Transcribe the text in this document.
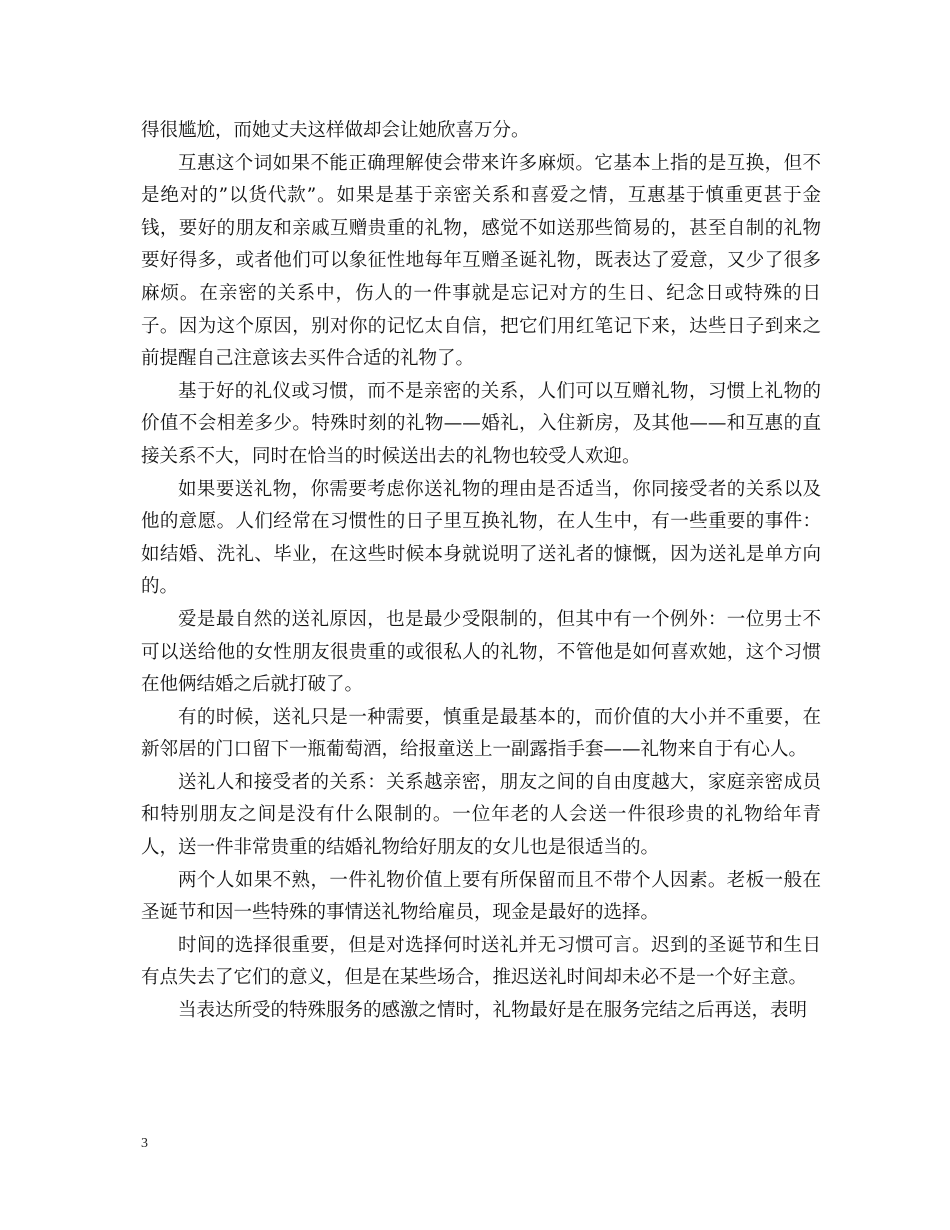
得很尴尬，而她丈夫这样做却会让她欣喜万分。

互惠这个词如果不能正确理解使会带来许多麻烦。它基本上指的是互换，但不是绝对的”以货代款”。如果是基于亲密关系和喜爱之情，互惠基于慎重更甚于金钱，要好的朋友和亲戚互赠贵重的礼物，感觉不如送那些简易的，甚至自制的礼物要好得多，或者他们可以象征性地每年互赠圣诞礼物，既表达了爱意，又少了很多麻烦。在亲密的关系中，伤人的一件事就是忘记对方的生日、纪念日或特殊的日子。因为这个原因，别对你的记忆太自信，把它们用红笔记下来，达些日子到来之前提醒自己注意该去买件合适的礼物了。

基于好的礼仪或习惯，而不是亲密的关系，人们可以互赠礼物，习惯上礼物的价值不会相差多少。特殊时刻的礼物——婚礼，入住新房，及其他——和互惠的直接关系不大，同时在恰当的时候送出去的礼物也较受人欢迎。

如果要送礼物，你需要考虑你送礼物的理由是否适当，你同接受者的关系以及他的意愿。人们经常在习惯性的日子里互换礼物，在人生中，有一些重要的事件：如结婚、洗礼、毕业，在这些时候本身就说明了送礼者的慷慨，因为送礼是单方向的。

爱是最自然的送礼原因，也是最少受限制的，但其中有一个例外：一位男士不可以送给他的女性朋友很贵重的或很私人的礼物，不管他是如何喜欢她，这个习惯在他俩结婚之后就打破了。

有的时候，送礼只是一种需要，慎重是最基本的，而价值的大小并不重要，在新邻居的门口留下一瓶葡萄酒，给报童送上一副露指手套——礼物来自于有心人。

送礼人和接受者的关系：关系越亲密，朋友之间的自由度越大，家庭亲密成员和特别朋友之间是没有什么限制的。一位年老的人会送一件很珍贵的礼物给年青人，送一件非常贵重的结婚礼物给好朋友的女儿也是很适当的。

两个人如果不熟，一件礼物价值上要有所保留而且不带个人因素。老板一般在圣诞节和因一些特殊的事情送礼物给雇员，现金是最好的选择。

时间的选择很重要，但是对选择何时送礼并无习惯可言。迟到的圣诞节和生日有点失去了它们的意义，但是在某些场合，推迟送礼时间却未必不是一个好主意。

当表达所受的特殊服务的感激之情时，礼物最好是在服务完结之后再送，表明

3
